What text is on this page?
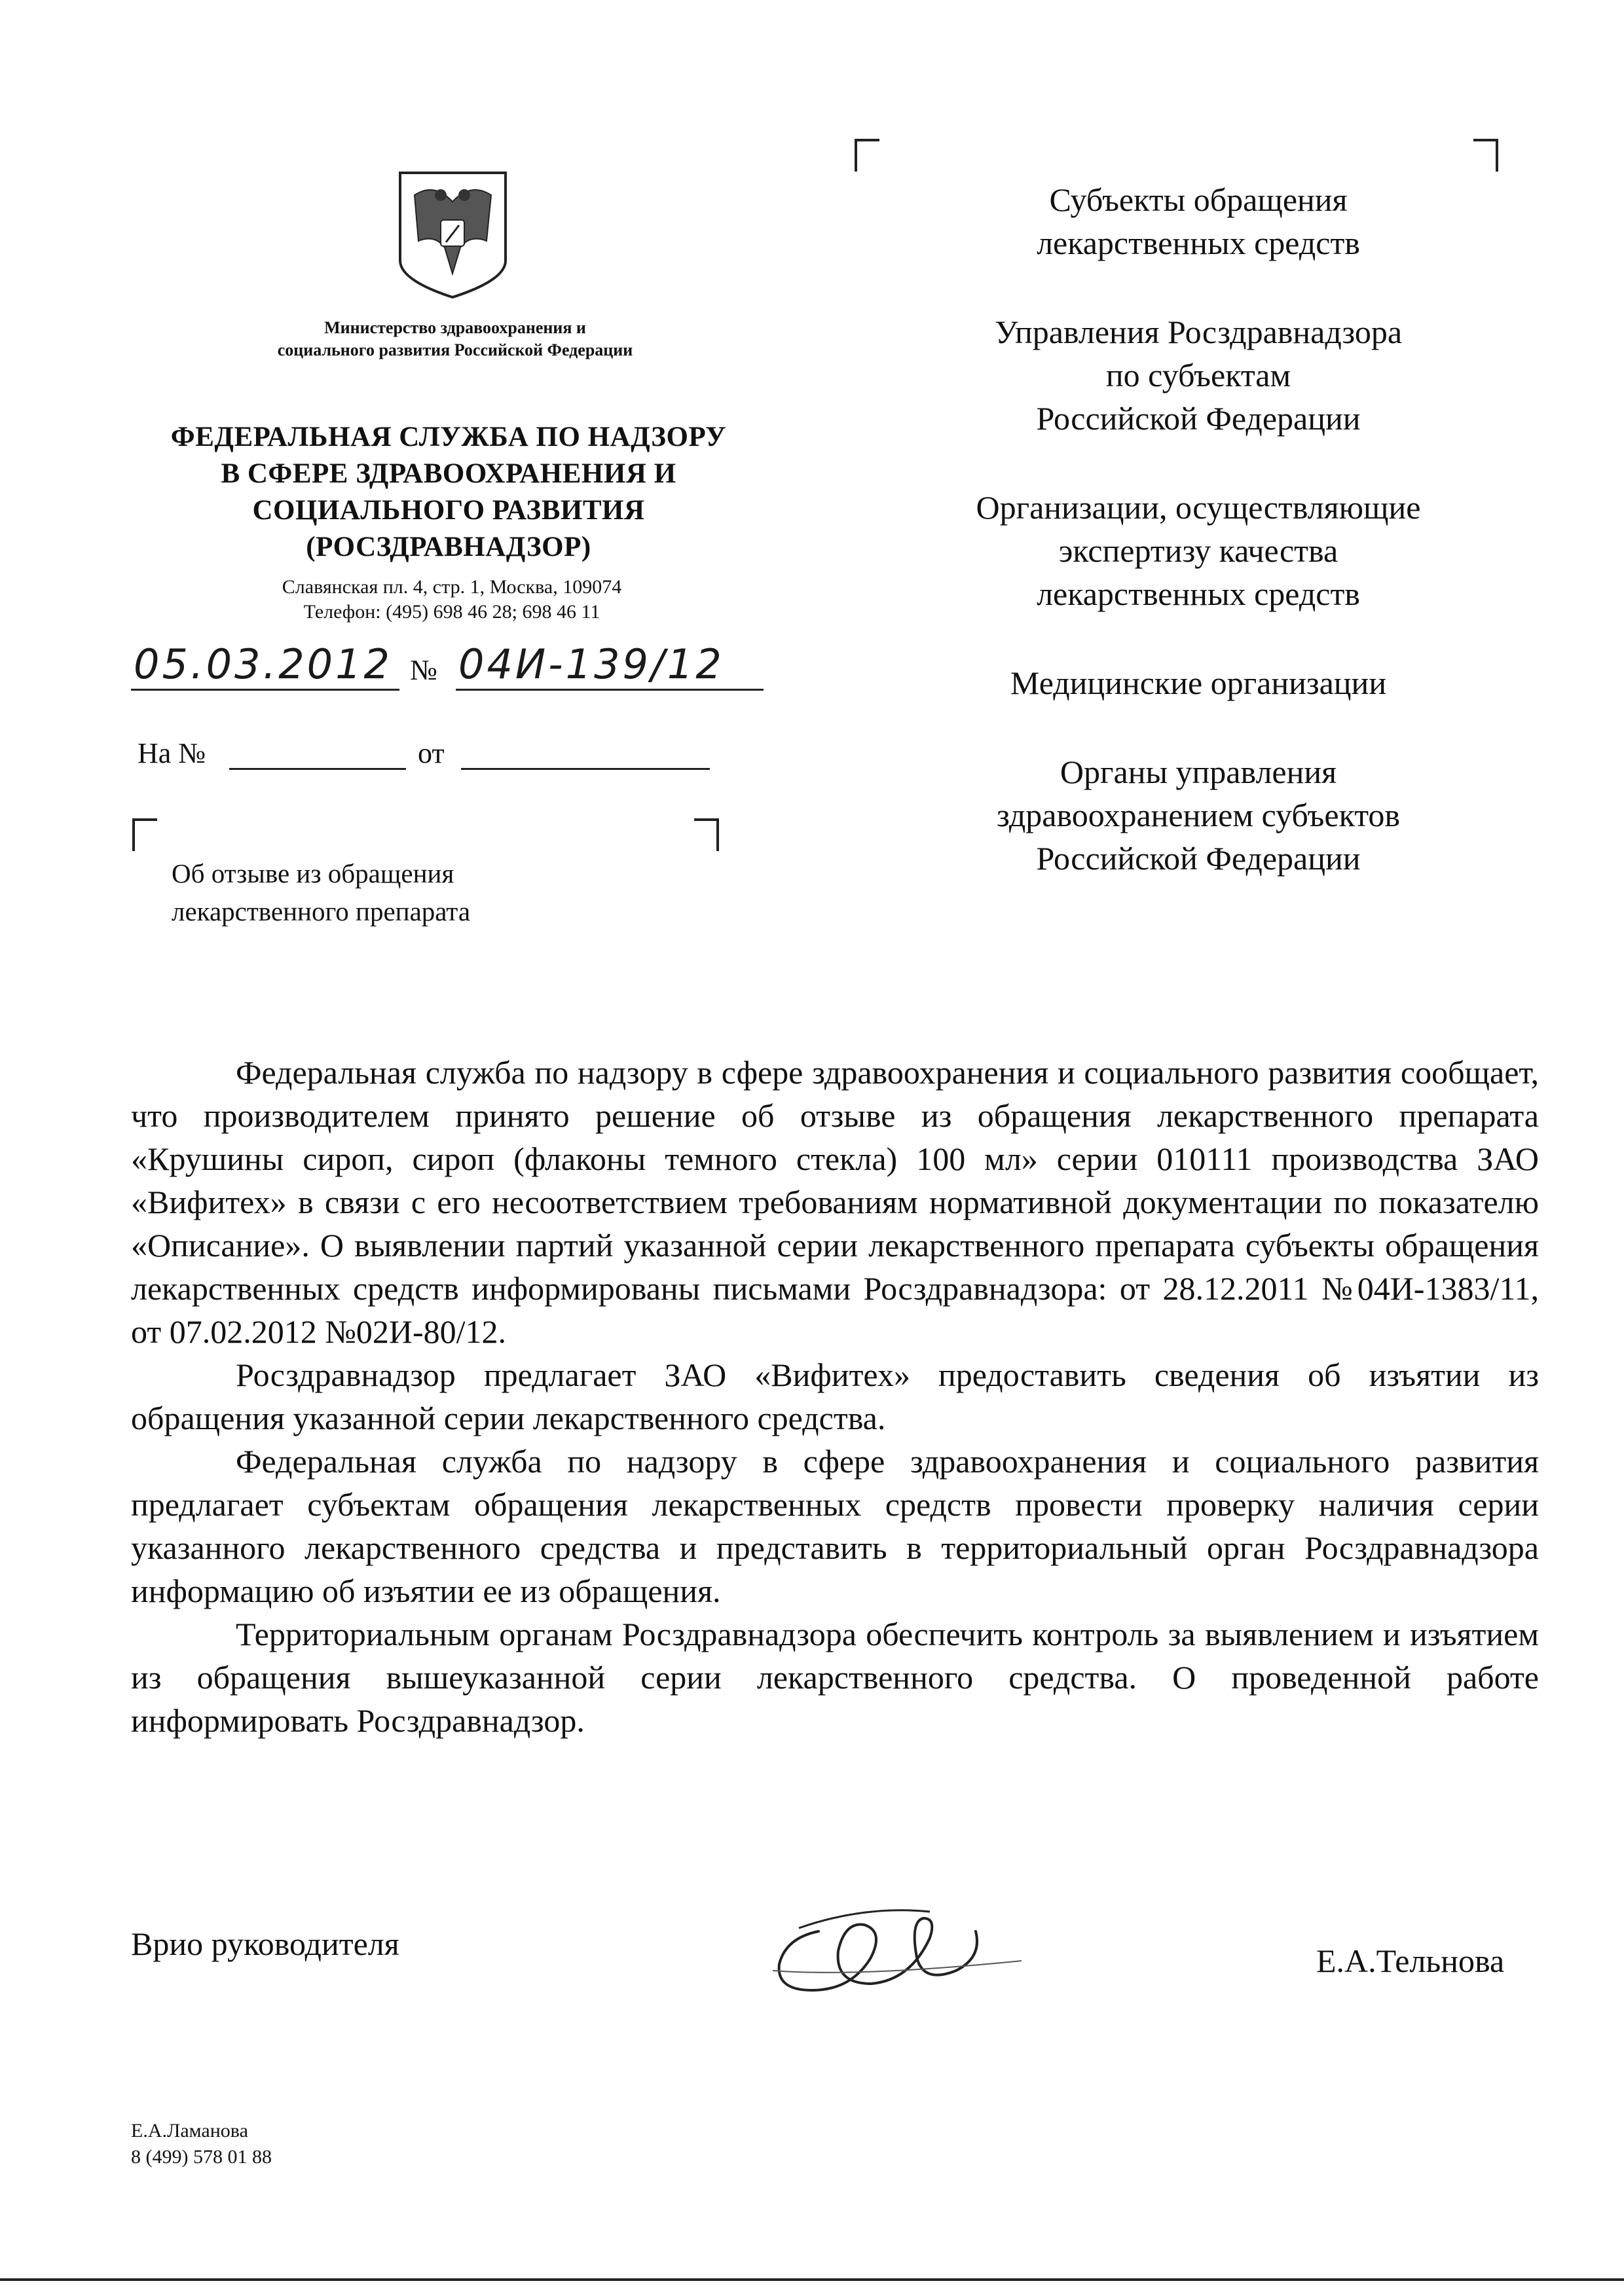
Министерство здравоохранения и
социального развития Российской Федерации
ФЕДЕРАЛЬНАЯ СЛУЖБА ПО НАДЗОРУ
В СФЕРЕ ЗДРАВООХРАНЕНИЯ И
СОЦИАЛЬНОГО РАЗВИТИЯ
(РОСЗДРАВНАДЗОР)
Славянская пл. 4, стр. 1, Москва, 109074
Телефон: (495) 698 46 28; 698 46 11
05.03.2012 № 04И-139/12
На №	от
Об отзыве из обращения
лекарственного препарата
Субъекты обращения
лекарственных средств
Управления Росздравнадзора
по субъектам
Российской Федерации
Организации, осуществляющие
экспертизу качества
лекарственных средств
Медицинские организации
Органы управления
здравоохранением субъектов
Российской Федерации

Федеральная служба по надзору в сфере здравоохранения и социального развития сообщает, что производителем принято решение об отзыве из обращения лекарственного препарата «Крушины сироп, сироп (флаконы темного стекла) 100 мл» серии 010111 производства ЗАО «Вифитех» в связи с его несоответствием требованиям нормативной документации по показателю «Описание». О выявлении партий указанной серии лекарственного препарата субъекты обращения лекарственных средств информированы письмами Росздравнадзора: от 28.12.2011 №04И-1383/11, от 07.02.2012 №02И-80/12.

Росздравнадзор предлагает ЗАО «Вифитех» предоставить сведения об изъятии из обращения указанной серии лекарственного средства.

Федеральная служба по надзору в сфере здравоохранения и социального развития предлагает субъектам обращения лекарственных средств провести проверку наличия серии указанного лекарственного средства и представить в территориальный орган Росздравнадзора информацию об изъятии ее из обращения.

Территориальным органам Росздравнадзора обеспечить контроль за выявлением и изъятием из обращения вышеуказанной серии лекарственного средства. О проведенной работе информировать Росздравнадзор.

Врио руководителя	Е.А.Тельнова
Е.А.Ламанова
8 (499) 578 01 88
